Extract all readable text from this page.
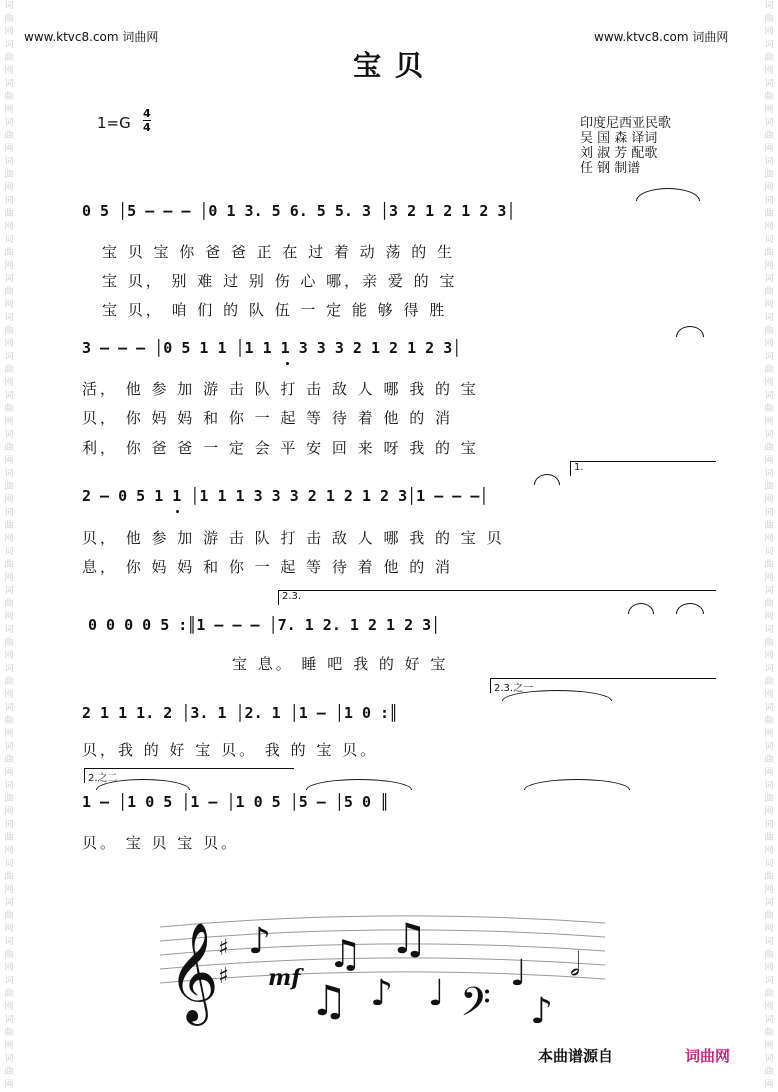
词曲网词曲网词曲网词曲网词曲网词曲网词曲网词曲网词曲网词曲网词曲网词曲网词曲网词曲网词曲网词曲网词曲网词曲网词曲网词曲网词曲网词曲网词曲网词曲网词曲网词曲网词曲网词曲网
词曲网词曲网词曲网词曲网词曲网词曲网词曲网词曲网词曲网词曲网词曲网词曲网词曲网词曲网词曲网词曲网词曲网词曲网词曲网词曲网词曲网词曲网词曲网词曲网词曲网词曲网词曲网词曲网
www.ktvc8.com 词曲网	www.ktvc8.com 词曲网
宝 贝
1=G
4
4	印度尼西亚民歌
吴 国 森 译词
刘 淑 芳 配歌
任 钢 制谱
0 5 │5 – – – │0 1 3. 5 6. 5 5. 3 │3 2 1 2 1 2 3│
宝 贝 宝 你 爸 爸 正 在 过 着 动 荡 的 生
宝 贝， 别 难 过 别 伤 心 哪，亲 爱 的 宝
宝 贝， 咱 们 的 队 伍 一 定 能 够 得 胜
3 – – – │0 5 1 1 │1 1 1 3 3 3 2 1 2 1 2 3│
活， 他 参 加 游 击 队 打 击 敌 人 哪 我 的 宝
贝， 你 妈 妈 和 你 一 起 等 待 着 他 的 消
利， 你 爸 爸 一 定 会 平 安 回 来 呀 我 的 宝
1.
2 – 0 5 1 1 │1 1 1 3 3 3 2 1 2 1 2 3│1 – – –│
贝， 他 参 加 游 击 队 打 击 敌 人 哪 我 的 宝 贝
息， 你 妈 妈 和 你 一 起 等 待 着 他 的 消
2.3.
0 0 0 0 5 :║1 – – – │7. 1 2. 1 2 1 2 3│
宝 息。 睡 吧 我 的 好 宝
2.3.之一
2 1 1 1. 2 │3. 1 │2. 1 │1 – │1 0 :║
贝，我 的 好 宝 贝。 我 的 宝 贝。
2.之二
1 – │1 0 5 │1 – │1 0 5 │5 – │5 0 ║
贝。 宝 贝 宝 贝。
𝄞 ♯
♯ mf
♪ ♫ ♫
♫ ♪ ♩ 𝄢
♩
♪
𝅗𝅥
本曲谱源自	词曲网
